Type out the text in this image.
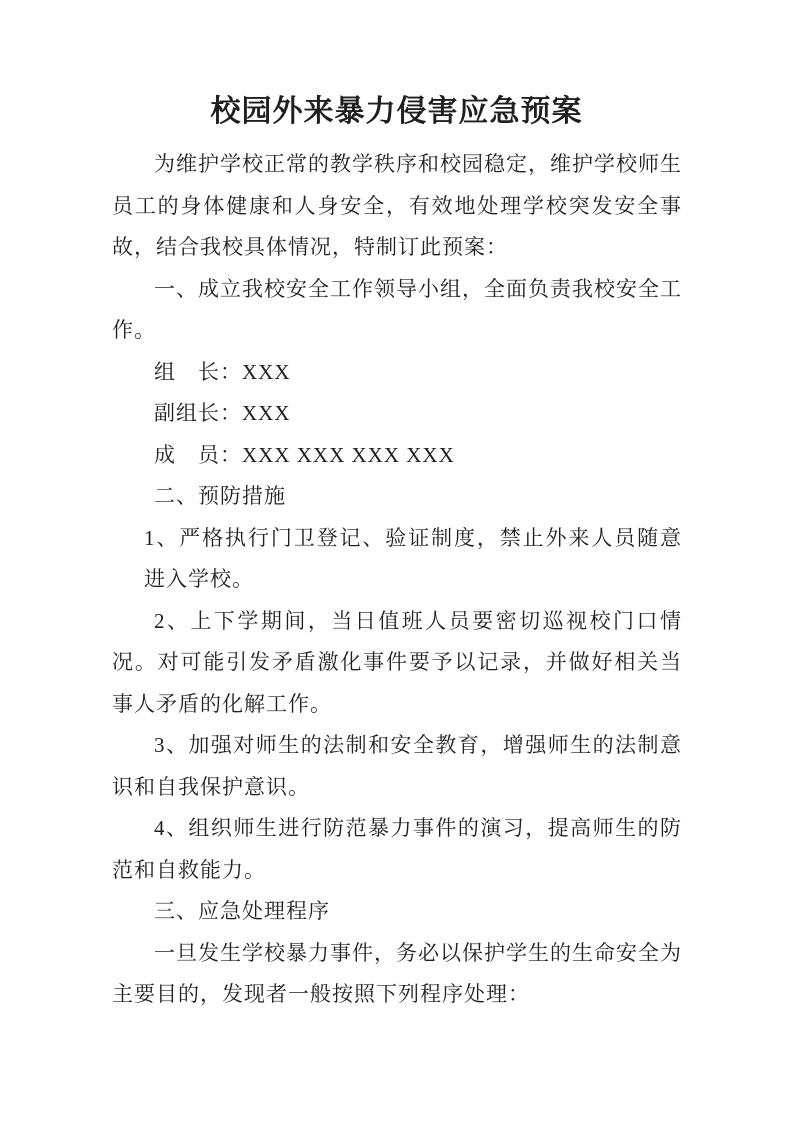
校园外来暴力侵害应急预案

为维护学校正常的教学秩序和校园稳定，维护学校师生员工的身体健康和人身安全，有效地处理学校突发安全事故，结合我校具体情况，特制订此预案：

一、成立我校安全工作领导小组，全面负责我校安全工作。

组　长：XXX

副组长：XXX

成　员：XXX XXX XXX XXX

二、预防措施

1、严格执行门卫登记、验证制度，禁止外来人员随意进入学校。

2、上下学期间，当日值班人员要密切巡视校门口情况。对可能引发矛盾激化事件要予以记录，并做好相关当事人矛盾的化解工作。

3、加强对师生的法制和安全教育，增强师生的法制意识和自我保护意识。

4、组织师生进行防范暴力事件的演习，提高师生的防范和自救能力。

三、应急处理程序

一旦发生学校暴力事件，务必以保护学生的生命安全为主要目的，发现者一般按照下列程序处理：
